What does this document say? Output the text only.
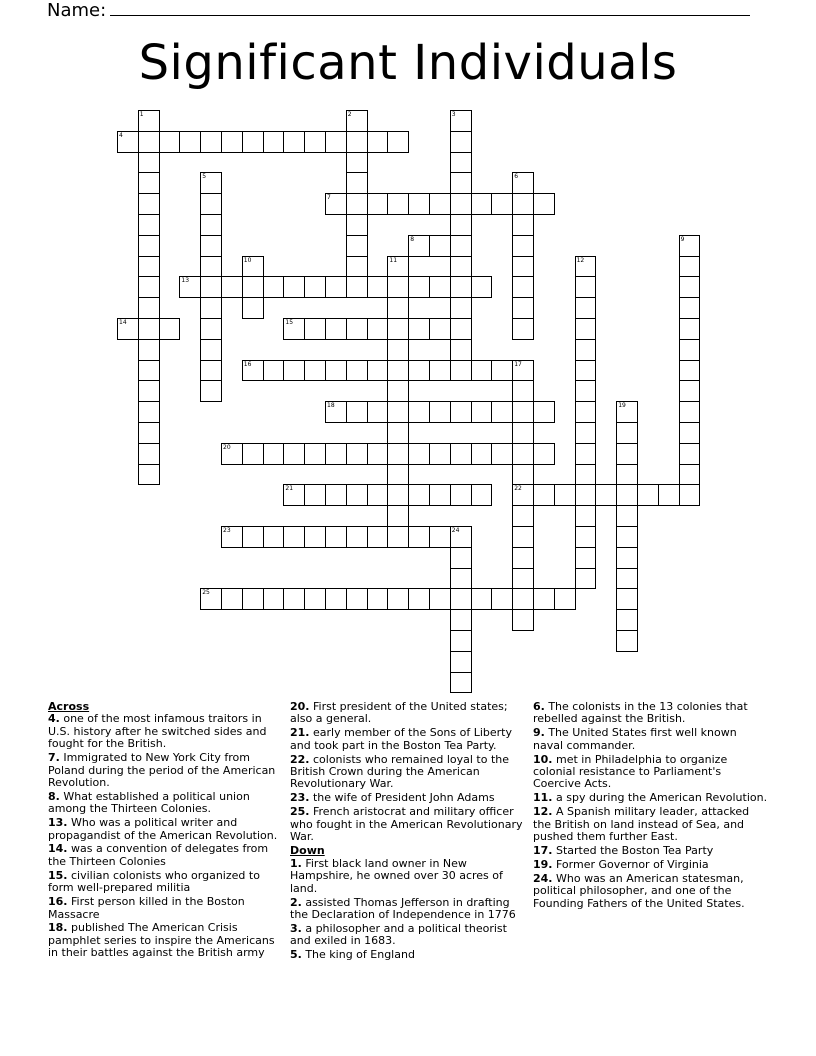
Name:
Significant Individuals
1	2	3
4
5	6
7
8	9
10	11	12
13
14	15
16	17
22
18	19
20
21
23	24
25
Across
4. one of the most infamous traitors in U.S. history after he switched sides and fought for the British.
7. Immigrated to New York City from Poland during the period of the American Revolution.
8. What established a political union among the Thirteen Colonies.
13. Who was a political writer and propagandist of the American Revolution.
14. was a convention of delegates from the Thirteen Colonies
15. civilian colonists who organized to form well-prepared militia
16. First person killed in the Boston Massacre
18. published The American Crisis pamphlet series to inspire the Americans in their battles against the British army
20. First president of the United states; also a general.
21. early member of the Sons of Liberty and took part in the Boston Tea Party.
22. colonists who remained loyal to the British Crown during the American Revolutionary War.
23. the wife of President John Adams
25. French aristocrat and military officer who fought in the American Revolutionary War.
Down
1. First black land owner in New Hampshire, he owned over 30 acres of land.
2. assisted Thomas Jefferson in drafting the Declaration of Independence in 1776
3. a philosopher and a political theorist and exiled in 1683.
5. The king of England
6. The colonists in the 13 colonies that rebelled against the British.
9. The United States first well known naval commander.
10. met in Philadelphia to organize colonial resistance to Parliament's Coercive Acts.
11. a spy during the American Revolution.
12. A Spanish military leader, attacked the British on land instead of Sea, and pushed them further East.
17. Started the Boston Tea Party
19. Former Governor of Virginia
24. Who was an American statesman, political philosopher, and one of the Founding Fathers of the United States.
